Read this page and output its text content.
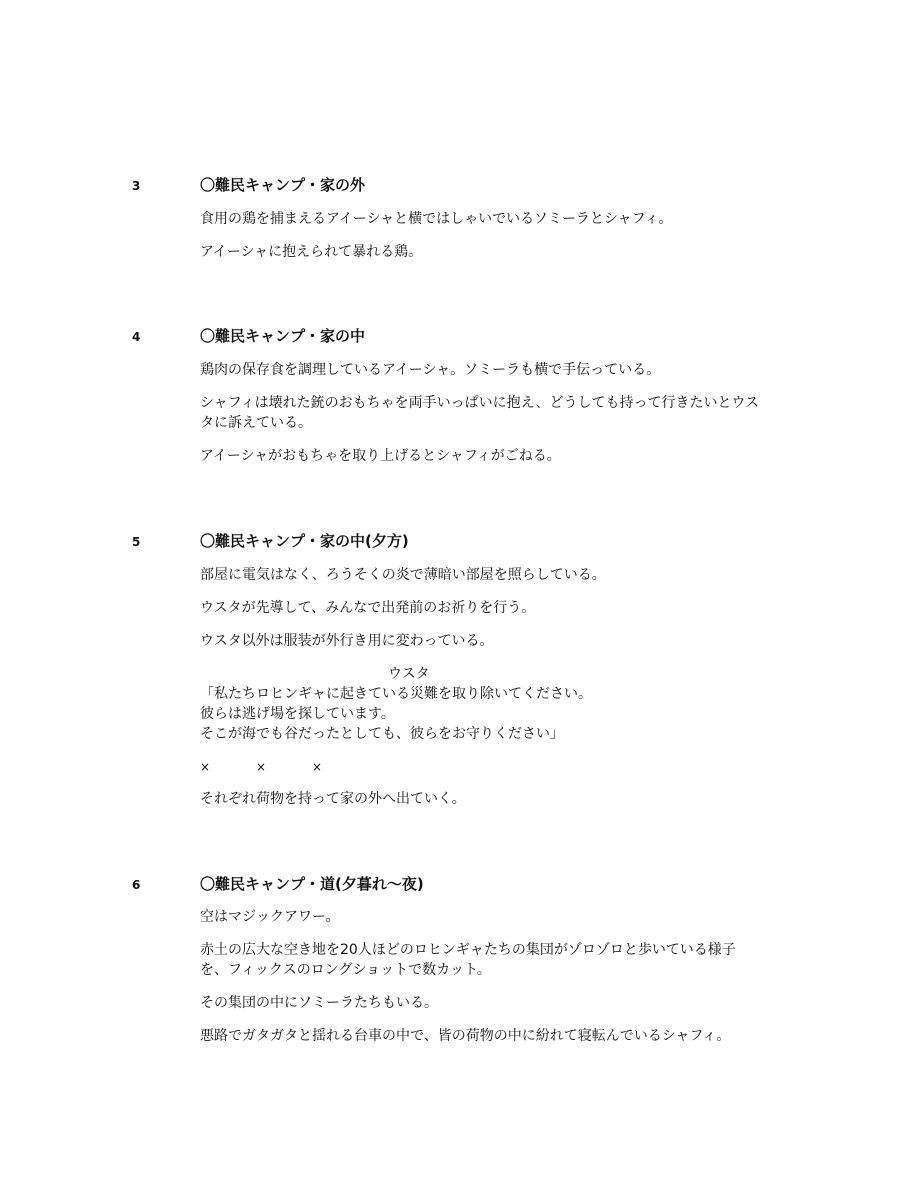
3	〇難民キャンプ・家の外
食用の鶏を捕まえるアイーシャと横ではしゃいでいるソミーラとシャフィ。
アイーシャに抱えられて暴れる鶏。
4	〇難民キャンプ・家の中
鶏肉の保存食を調理しているアイーシャ。ソミーラも横で手伝っている。
シャフィは壊れた銃のおもちゃを両手いっぱいに抱え、どうしても持って行きたいとウス
タに訴えている。
アイーシャがおもちゃを取り上げるとシャフィがごねる。
5	〇難民キャンプ・家の中(夕方)
部屋に電気はなく、ろうそくの炎で薄暗い部屋を照らしている。
ウスタが先導して、みんなで出発前のお祈りを行う。
ウスタ以外は服装が外行き用に変わっている。
ウスタ
「私たちロヒンギャに起きている災難を取り除いてください。
彼らは逃げ場を探しています。
そこが海でも谷だったとしても、彼らをお守りください」
×	×	×
それぞれ荷物を持って家の外へ出ていく。
6	〇難民キャンプ・道(夕暮れ〜夜)
空はマジックアワー。
赤土の広大な空き地を20人ほどのロヒンギャたちの集団がゾロゾロと歩いている様子
を、フィックスのロングショットで数カット。
その集団の中にソミーラたちもいる。
悪路でガタガタと揺れる台車の中で、皆の荷物の中に紛れて寝転んでいるシャフィ。
